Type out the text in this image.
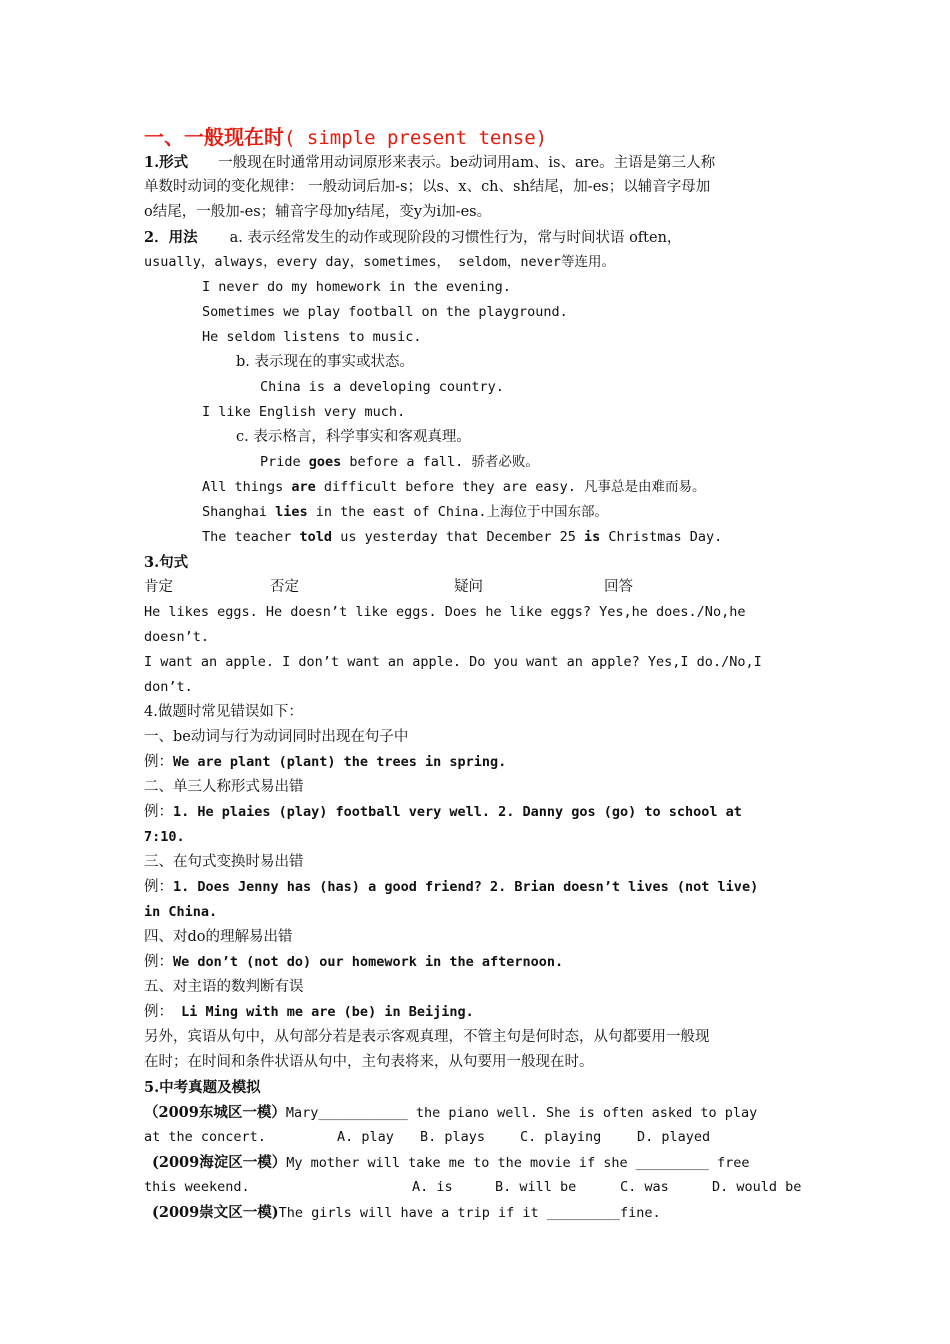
一、一般现在时( simple present tense)
1.形式 一般现在时通常用动词原形来表示。be动词用am、is、are。主语是第三人称
单数时动词的变化规律： 一般动词后加-s；以s、x、ch、sh结尾，加-es；以辅音字母加
o结尾，一般加-es；辅音字母加y结尾，变y为i加-es。
2．用法 a. 表示经常发生的动作或现阶段的习惯性行为，常与时间状语 often，
usually，always，every day，sometimes， seldom，never等连用。
I never do my homework in the evening.
Sometimes we play football on the playground.
He seldom listens to music.
b. 表示现在的事实或状态。
China is a developing country.
I like English very much.
c. 表示格言，科学事实和客观真理。
Pride goes before a fall. 骄者必败。
All things are difficult before they are easy. 凡事总是由难而易。
Shanghai lies in the east of China.上海位于中国东部。
The teacher told us yesterday that December 25 is Christmas Day.
3.句式
肯定	否定	疑问	回答
He likes eggs. He doesn’t like eggs. Does he like eggs? Yes,he does./No,he
doesn’t.
I want an apple. I don’t want an apple. Do you want an apple? Yes,I do./No,I
don’t.
4.做题时常见错误如下：
一、be动词与行为动词同时出现在句子中
例：We are plant (plant) the trees in spring.
二、单三人称形式易出错
例：1. He plaies (play) football very well. 2. Danny gos (go) to school at
7:10.
三、在句式变换时易出错
例：1. Does Jenny has (has) a good friend? 2. Brian doesn’t lives (not live)
in China.
四、对do的理解易出错
例：We don’t (not do) our homework in the afternoon.
五、对主语的数判断有误
例： Li Ming with me are (be) in Beijing.
另外，宾语从句中，从句部分若是表示客观真理，不管主句是何时态，从句都要用一般现
在时；在时间和条件状语从句中，主句表将来，从句要用一般现在时。
5.中考真题及模拟
（2009东城区一模）Mary___________ the piano well. She is often asked to play
at the concert.	A. play B. plays	C. playing	D. played
(2009海淀区一模）My mother will take me to the movie if she _________ free
this weekend.	A. is	B. will be	C. was	D. would be
(2009崇文区一模)The girls will have a trip if it _________fine.
